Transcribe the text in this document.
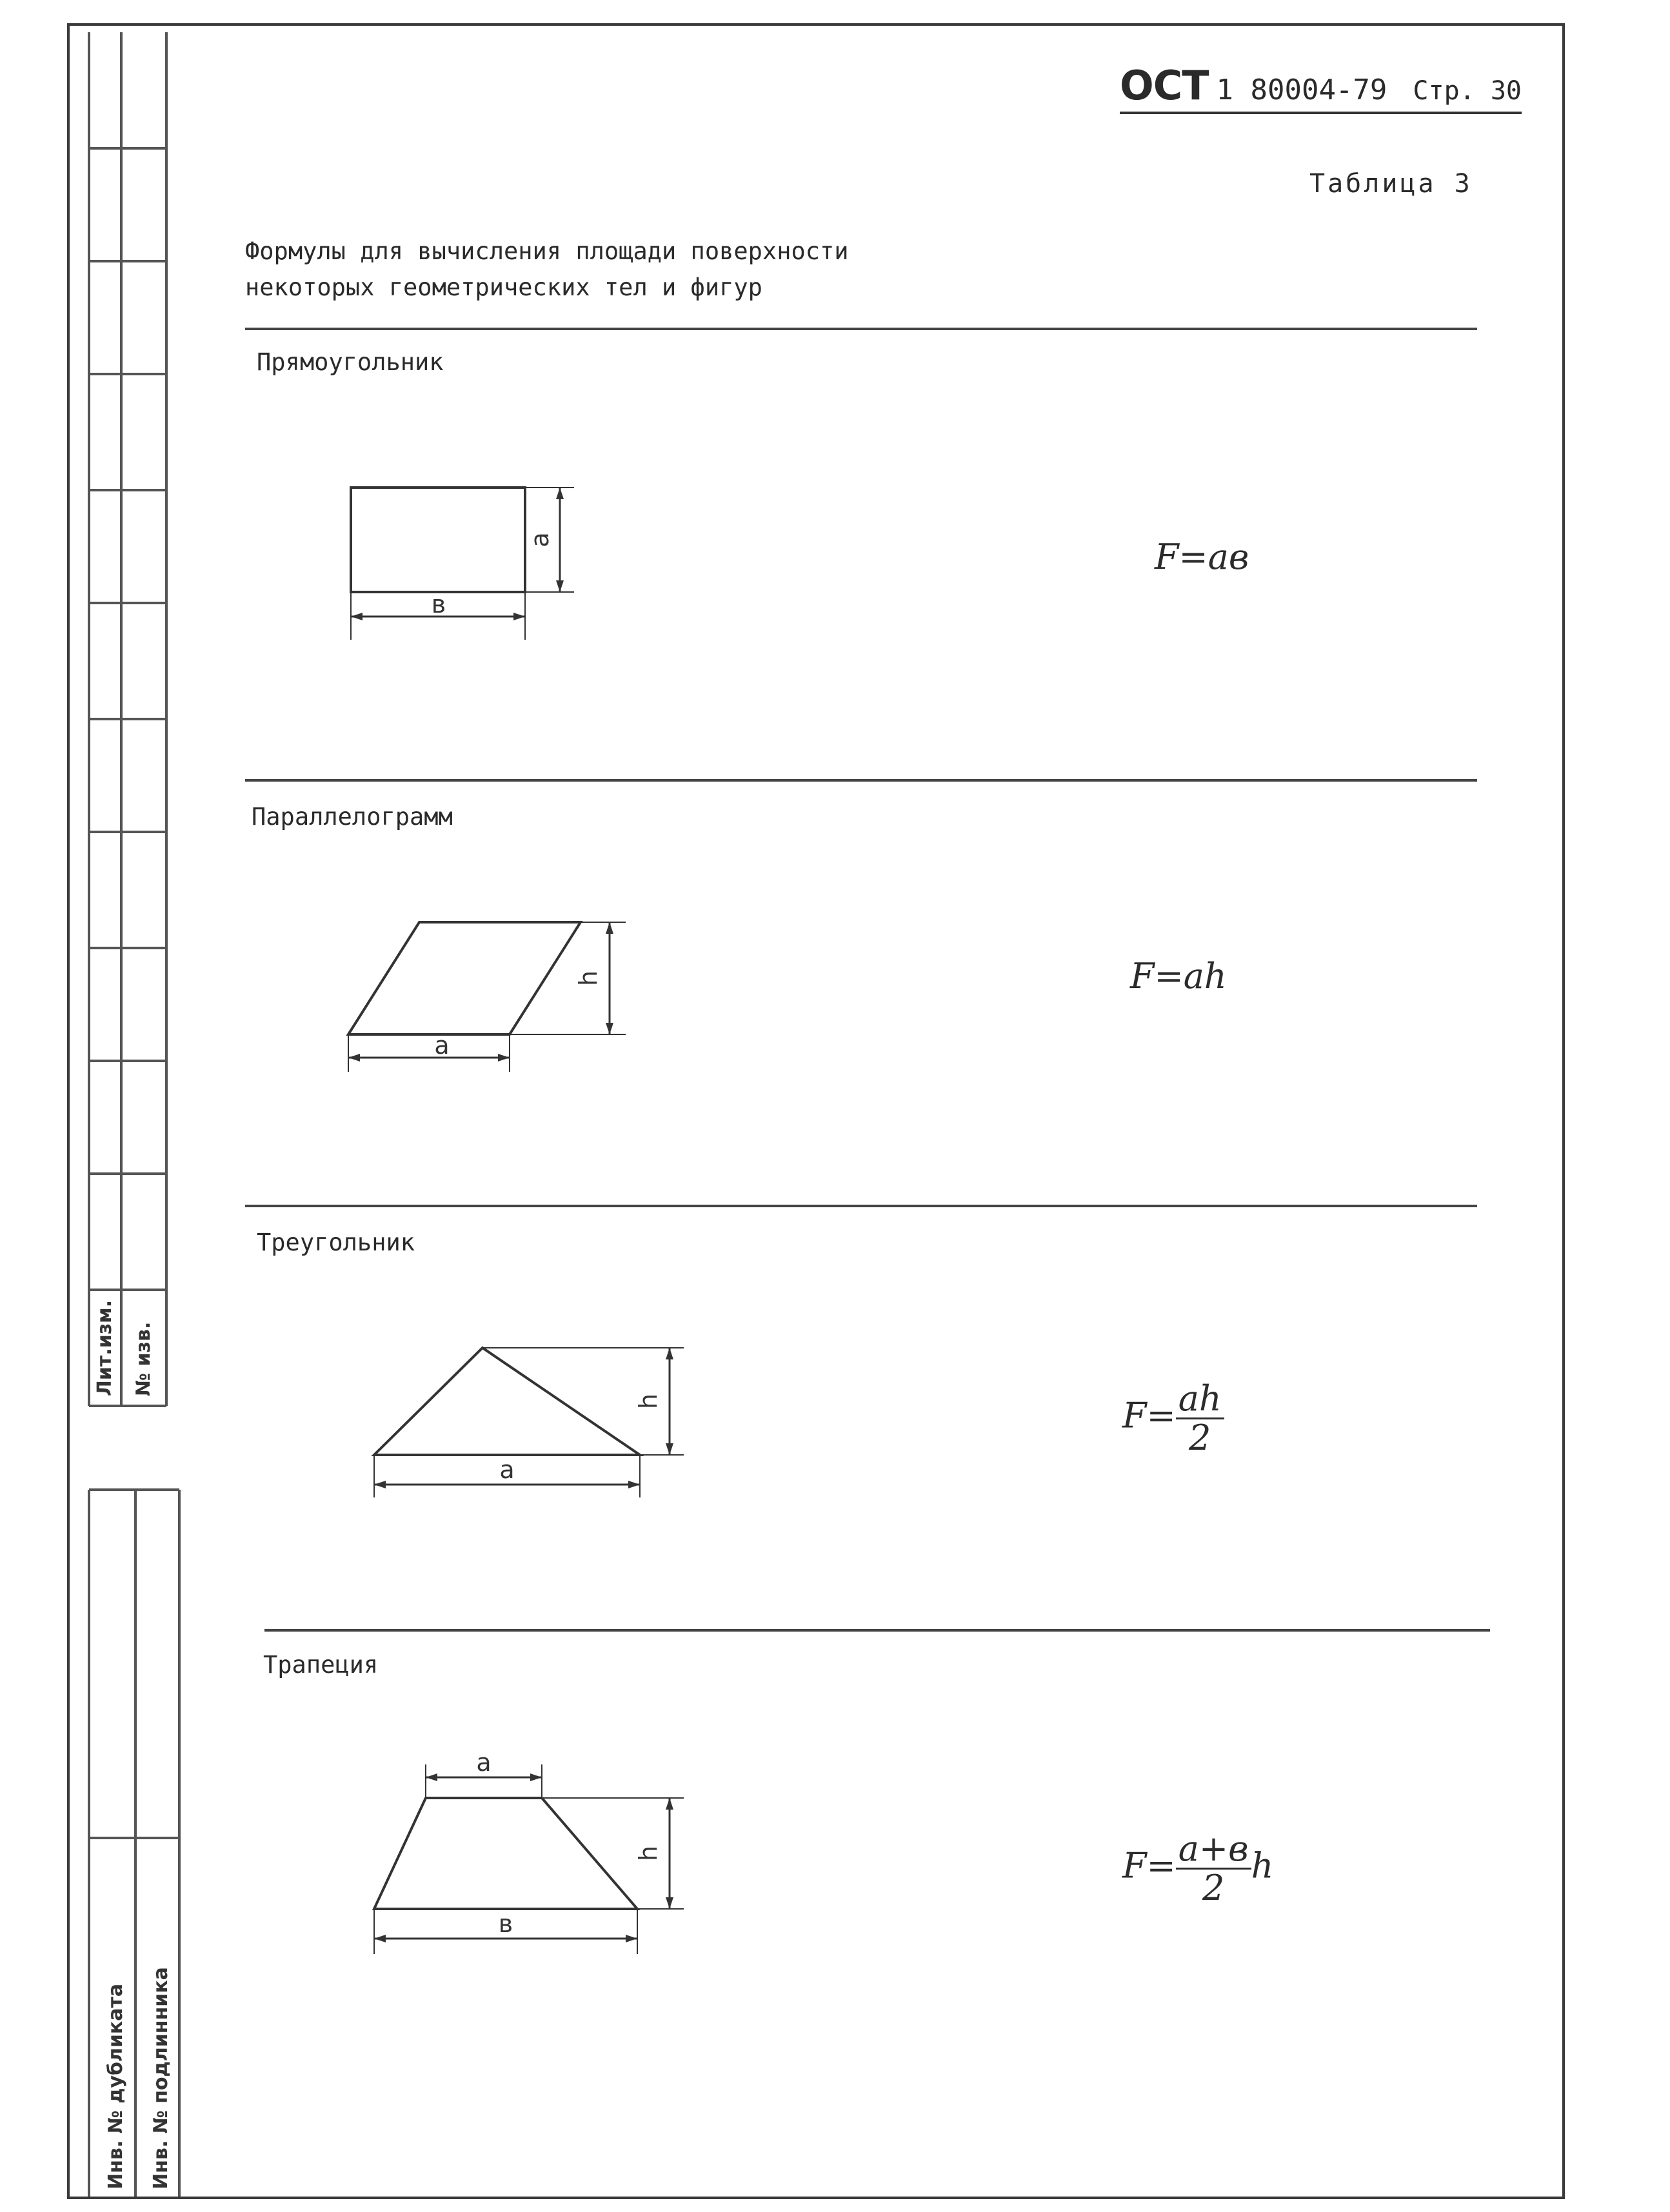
Лит.изм. № изв.
Инв. № дубликата Инв. № подлинника
ОСТ 1 80004-79 Стр. 30
Таблица 3
Формулы для вычисления площади поверхности
некоторых геометрических тел и фигур
Прямоугольник
a
в
F=aв
Параллелограмм
h
a
F=ah
Треугольник
h
a
$F= \frac{ah}{2}$
Трапеция
a
h
в
$F= \frac{a+в}{2}$ h
